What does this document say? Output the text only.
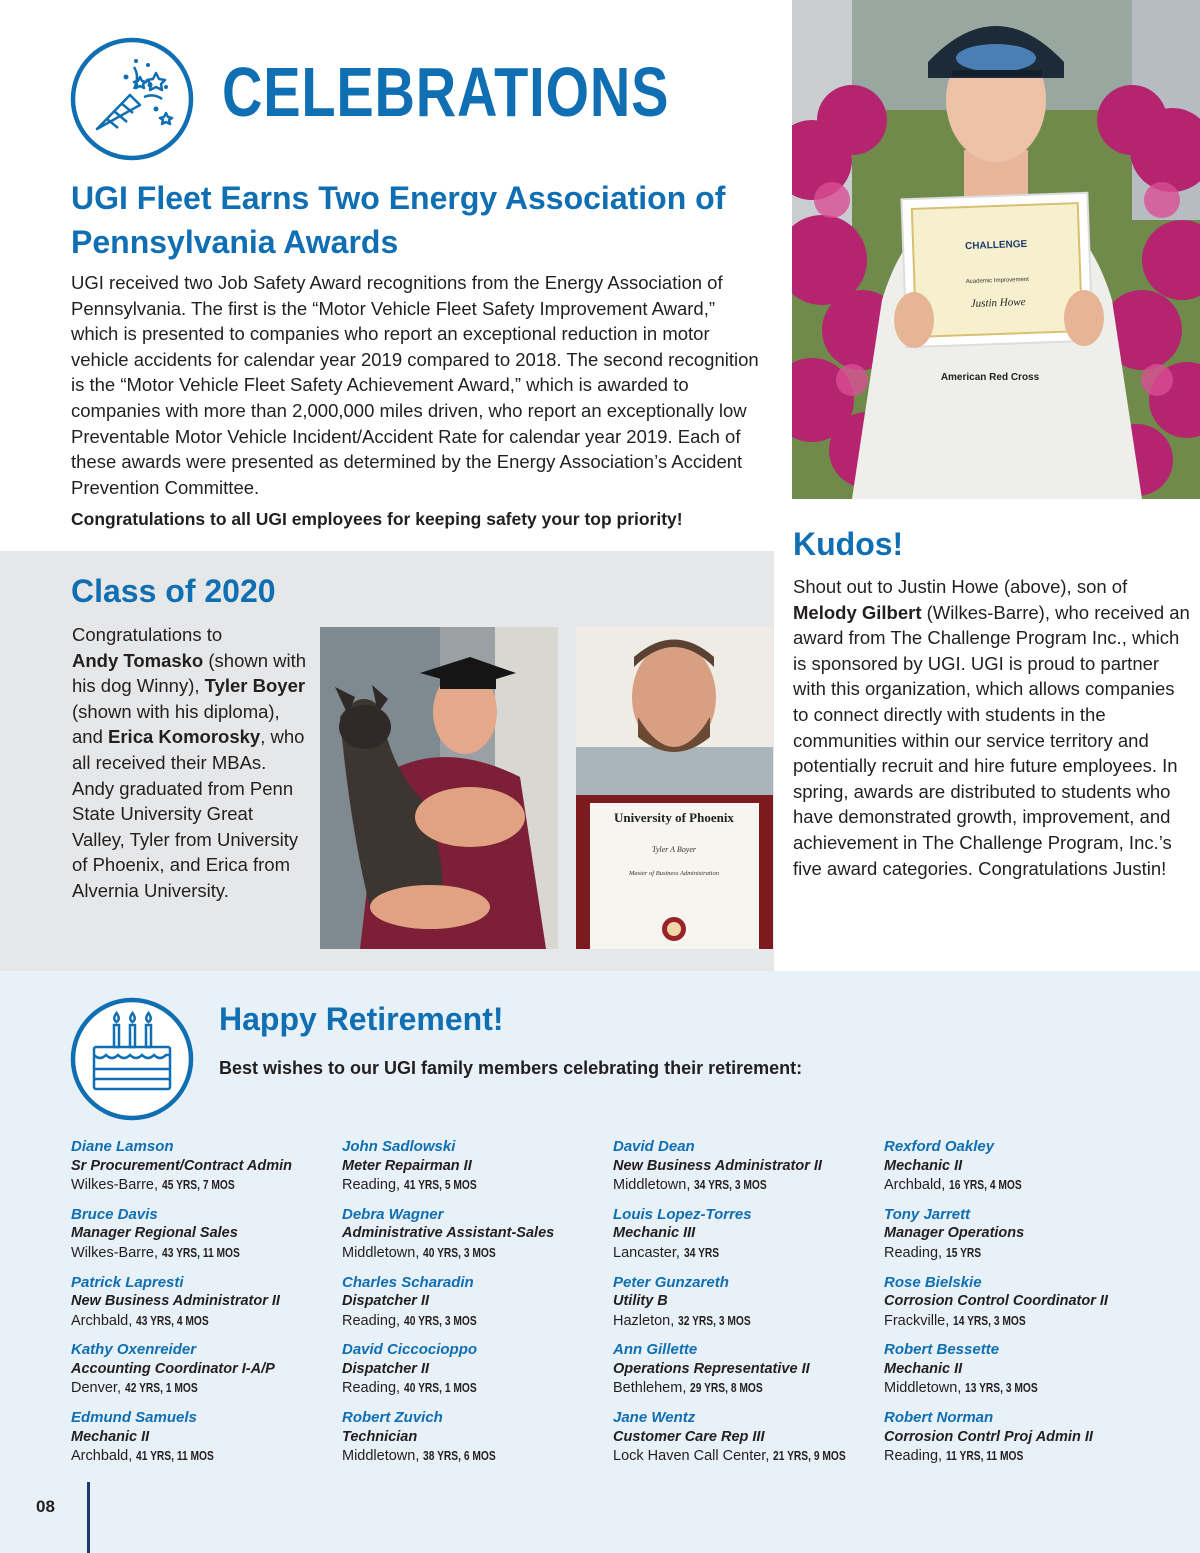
CELEBRATIONS
UGI Fleet Earns Two Energy Association of Pennsylvania Awards
UGI received two Job Safety Award recognitions from the Energy Association of Pennsylvania. The first is the “Motor Vehicle Fleet Safety Improvement Award,” which is presented to companies who report an exceptional reduction in motor vehicle accidents for calendar year 2019 compared to 2018. The second recognition is the “Motor Vehicle Fleet Safety Achievement Award,” which is awarded to companies with more than 2,000,000 miles driven, who report an exceptionally low Preventable Motor Vehicle Incident/Accident Rate for calendar year 2019. Each of these awards were presented as determined by the Energy Association’s Accident Prevention Committee.
Congratulations to all UGI employees for keeping safety your top priority!
CHALLENGE
Academic Improvement
Justin Howe
American Red Cross
Class of 2020
Congratulations to
Andy Tomasko (shown with his dog Winny), Tyler Boyer (shown with his diploma), and Erica Komorosky, who all received their MBAs. Andy graduated from Penn State University Great Valley, Tyler from University of Phoenix, and Erica from Alvernia University.
University of Phoenix
Tyler A Boyer
Master of Business Administration
Kudos!
Shout out to Justin Howe (above), son of Melody Gilbert (Wilkes-Barre), who received an award from The Challenge Program Inc., which is sponsored by UGI. UGI is proud to partner with this organization, which allows companies to connect directly with students in the communities within our service territory and potentially recruit and hire future employees. In spring, awards are distributed to students who have demonstrated growth, improvement, and achievement in The Challenge Program, Inc.’s five award categories. Congratulations Justin!
Happy Retirement!
Best wishes to our UGI family members celebrating their retirement:
Diane Lamson
Sr Procurement/Contract Admin
Wilkes-Barre, 45 YRS, 7 MOS
Bruce Davis
Manager Regional Sales
Wilkes-Barre, 43 YRS, 11 MOS
Patrick Lapresti
New Business Administrator II
Archbald, 43 YRS, 4 MOS
Kathy Oxenreider
Accounting Coordinator I-A/P
Denver, 42 YRS, 1 MOS
Edmund Samuels
Mechanic II
Archbald, 41 YRS, 11 MOS
John Sadlowski
Meter Repairman II
Reading, 41 YRS, 5 MOS
Debra Wagner
Administrative Assistant-Sales
Middletown, 40 YRS, 3 MOS
Charles Scharadin
Dispatcher II
Reading, 40 YRS, 3 MOS
David Ciccocioppo
Dispatcher II
Reading, 40 YRS, 1 MOS
Robert Zuvich
Technician
Middletown, 38 YRS, 6 MOS
David Dean
New Business Administrator II
Middletown, 34 YRS, 3 MOS
Louis Lopez-Torres
Mechanic III
Lancaster, 34 YRS
Peter Gunzareth
Utility B
Hazleton, 32 YRS, 3 MOS
Ann Gillette
Operations Representative II
Bethlehem, 29 YRS, 8 MOS
Jane Wentz
Customer Care Rep III
Lock Haven Call Center, 21 YRS, 9 MOS
Rexford Oakley
Mechanic II
Archbald, 16 YRS, 4 MOS
Tony Jarrett
Manager Operations
Reading, 15 YRS
Rose Bielskie
Corrosion Control Coordinator II
Frackville, 14 YRS, 3 MOS
Robert Bessette
Mechanic II
Middletown, 13 YRS, 3 MOS
Robert Norman
Corrosion Contrl Proj Admin II
Reading, 11 YRS, 11 MOS
08
